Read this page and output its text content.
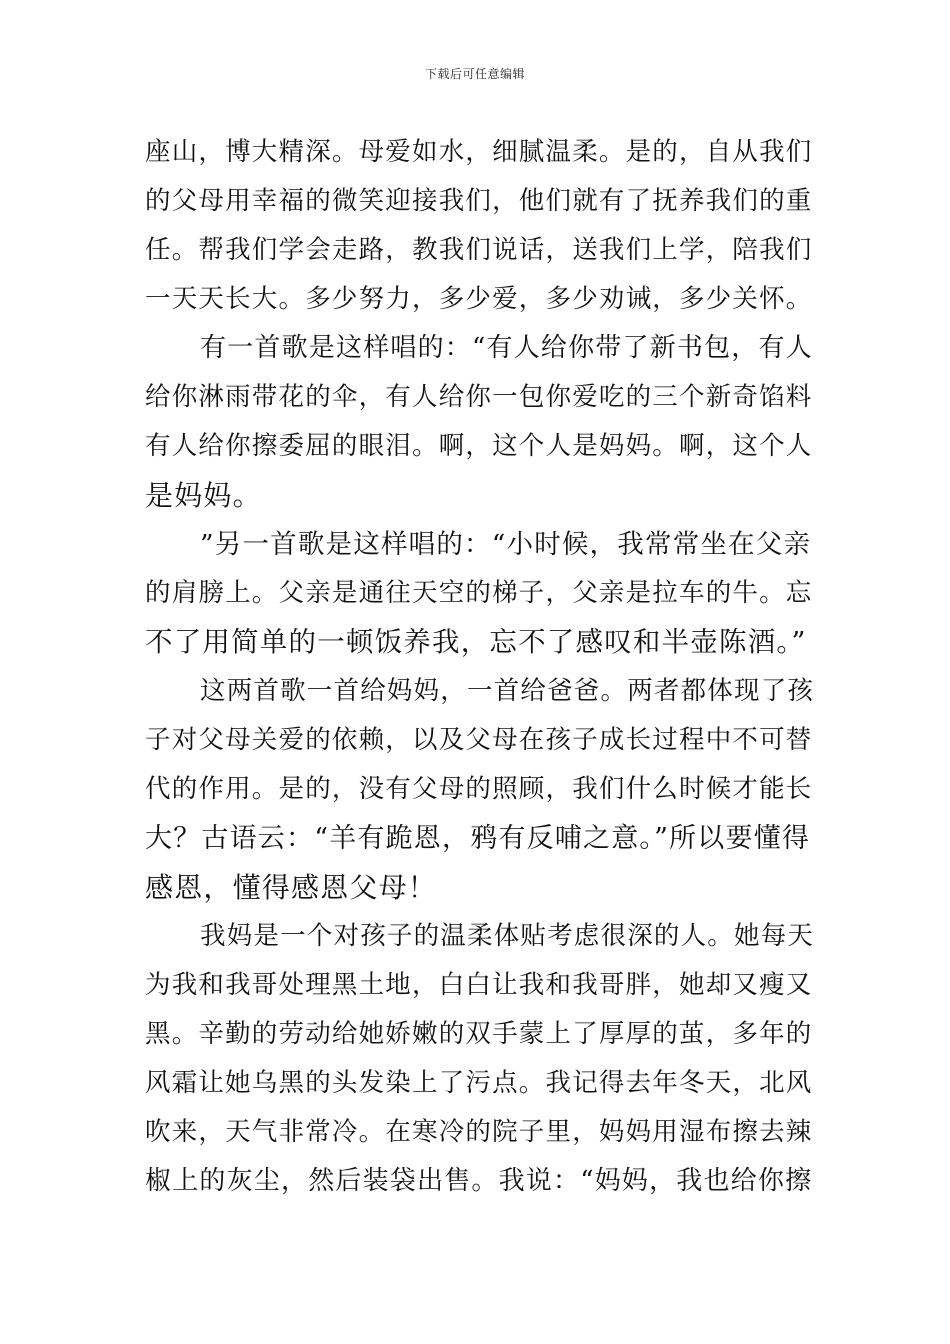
下载后可任意编辑
座山，博大精深。母爱如水，细腻温柔。是的，自从我们
的父母用幸福的微笑迎接我们，他们就有了抚养我们的重
任。帮我们学会走路，教我们说话，送我们上学，陪我们
一天天长大。多少努力，多少爱，多少劝诫，多少关怀。
有一首歌是这样唱的：“有人给你带了新书包，有人
给你淋雨带花的伞，有人给你一包你爱吃的三个新奇馅料
有人给你擦委屈的眼泪。啊，这个人是妈妈。啊，这个人
是妈妈。
”另一首歌是这样唱的：“小时候，我常常坐在父亲
的肩膀上。父亲是通往天空的梯子，父亲是拉车的牛。忘
不了用简单的一顿饭养我，忘不了感叹和半壶陈酒。”
这两首歌一首给妈妈，一首给爸爸。两者都体现了孩
子对父母关爱的依赖，以及父母在孩子成长过程中不可替
代的作用。是的，没有父母的照顾，我们什么时候才能长
大？古语云：“羊有跪恩，鸦有反哺之意。”所以要懂得
感恩，懂得感恩父母！
我妈是一个对孩子的温柔体贴考虑很深的人。她每天
为我和我哥处理黑土地，白白让我和我哥胖，她却又瘦又
黑。辛勤的劳动给她娇嫩的双手蒙上了厚厚的茧，多年的
风霜让她乌黑的头发染上了污点。我记得去年冬天，北风
吹来，天气非常冷。在寒冷的院子里，妈妈用湿布擦去辣
椒上的灰尘，然后装袋出售。我说：“妈妈，我也给你擦
